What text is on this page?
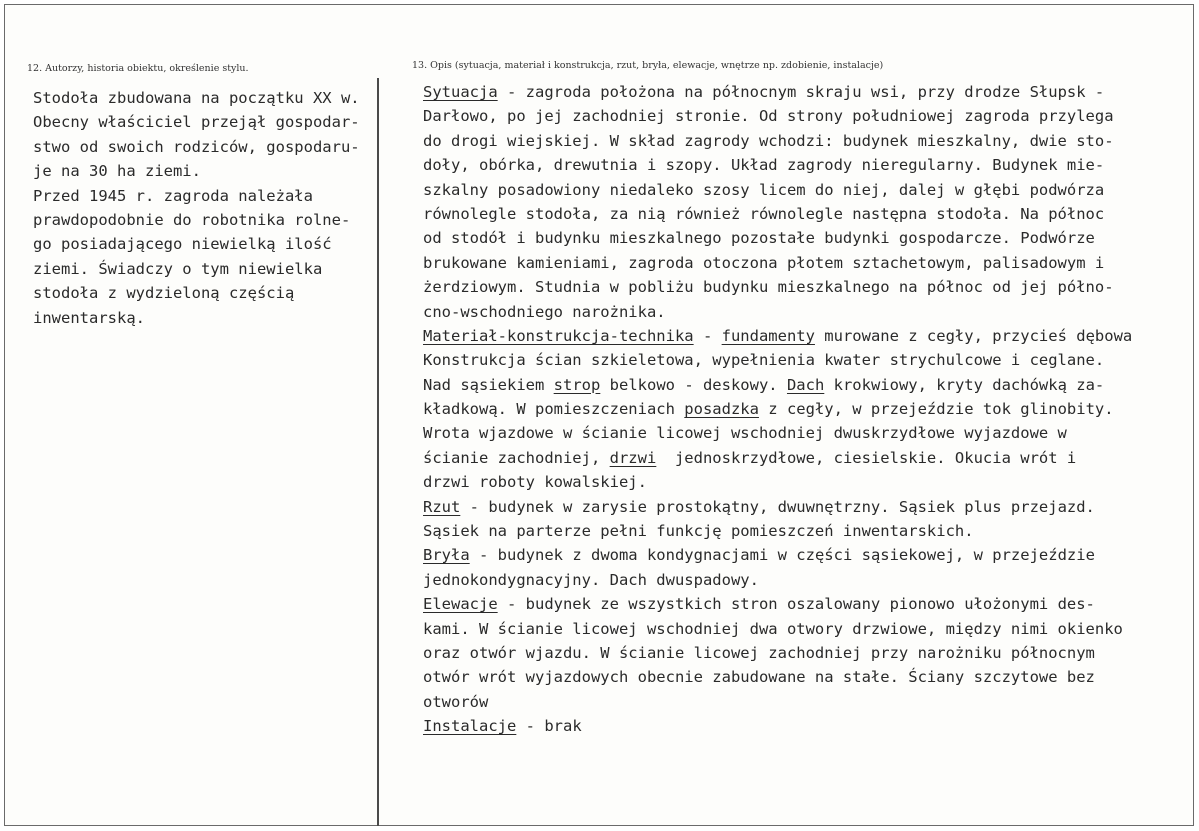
12. Autorzy, historia obiektu, określenie stylu.	13. Opis (sytuacja, materiał i konstrukcja, rzut, bryła, elewacje, wnętrze np. zdobienie, instalacje)
Stodoła zbudowana na początku XX w.
Obecny właściciel przejął gospodar-
stwo od swoich rodziców, gospodaru-
je na 30 ha ziemi.
Przed 1945 r. zagroda należała
prawdopodobnie do robotnika rolne-
go posiadającego niewielką ilość
ziemi. Świadczy o tym niewielka
stodoła z wydzieloną częścią
inwentarską.
Sytuacja - zagroda położona na północnym skraju wsi, przy drodze Słupsk -
Darłowo, po jej zachodniej stronie. Od strony południowej zagroda przylega
do drogi wiejskiej. W skład zagrody wchodzi: budynek mieszkalny, dwie sto-
doły, obórka, drewutnia i szopy. Układ zagrody nieregularny. Budynek mie-
szkalny posadowiony niedaleko szosy licem do niej, dalej w głębi podwórza
równolegle stodoła, za nią również równolegle następna stodoła. Na północ
od stodół i budynku mieszkalnego pozostałe budynki gospodarcze. Podwórze
brukowane kamieniami, zagroda otoczona płotem sztachetowym, palisadowym i
żerdziowym. Studnia w pobliżu budynku mieszkalnego na północ od jej półno-
cno-wschodniego narożnika.
Materiał-konstrukcja-technika - fundamenty murowane z cegły, przycieś dębowa
Konstrukcja ścian szkieletowa, wypełnienia kwater strychulcowe i ceglane.
Nad sąsiekiem strop belkowo - deskowy. Dach krokwiowy, kryty dachówką za-
kładkową. W pomieszczeniach posadzka z cegły, w przejeździe tok glinobity.
Wrota wjazdowe w ścianie licowej wschodniej dwuskrzydłowe wyjazdowe w
ścianie zachodniej, drzwi  jednoskrzydłowe, ciesielskie. Okucia wrót i
drzwi roboty kowalskiej.
Rzut - budynek w zarysie prostokątny, dwuwnętrzny. Sąsiek plus przejazd.
Sąsiek na parterze pełni funkcję pomieszczeń inwentarskich.
Bryła - budynek z dwoma kondygnacjami w części sąsiekowej, w przejeździe
jednokondygnacyjny. Dach dwuspadowy.
Elewacje - budynek ze wszystkich stron oszalowany pionowo ułożonymi des-
kami. W ścianie licowej wschodniej dwa otwory drzwiowe, między nimi okienko
oraz otwór wjazdu. W ścianie licowej zachodniej przy narożniku północnym
otwór wrót wyjazdowych obecnie zabudowane na stałe. Ściany szczytowe bez
otworów
Instalacje - brak
